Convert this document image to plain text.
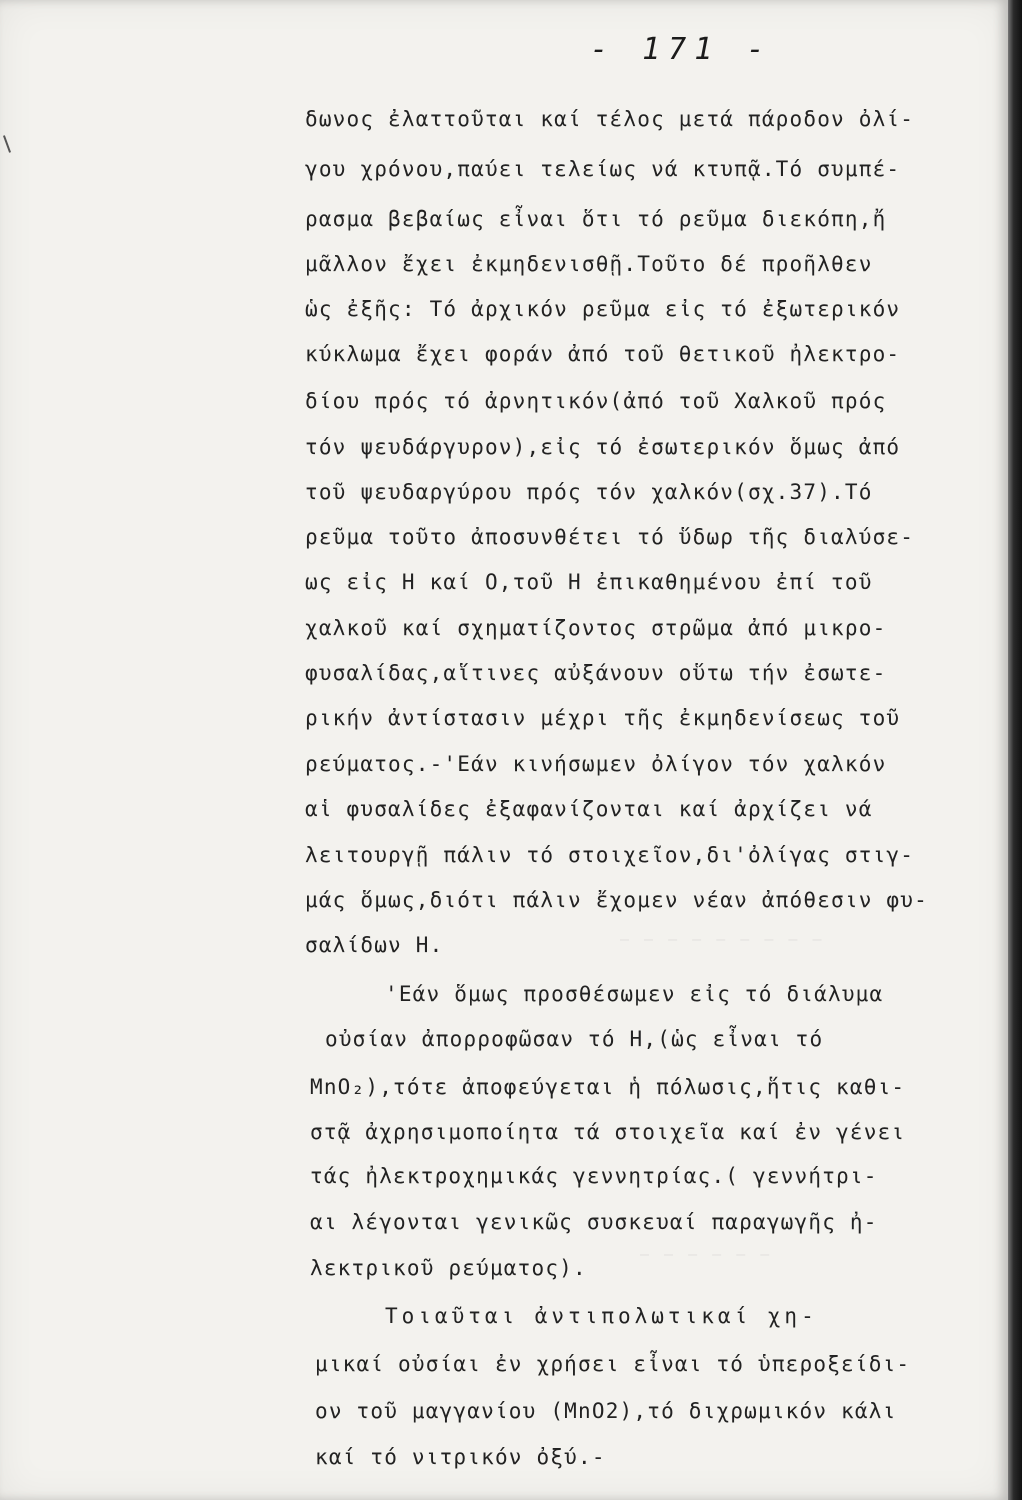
— — — — — — — — —
— — — — — —
- 171 -
δωνος ἐλαττοῦται καί τέλος μετά πάροδον ὀλί-
γου χρόνου,παύει τελείως νά κτυπᾷ.Τό συμπέ-
ρασμα βεβαίως εἶναι ὅτι τό ρεῦμα διεκόπη,ἤ
μᾶλλον ἔχει ἐκμηδενισθῇ.Τοῦτο δέ προῆλθεν
ὡς ἐξῆς: Τό ἀρχικόν ρεῦμα εἰς τό ἐξωτερικόν
κύκλωμα ἔχει φοράν ἀπό τοῦ θετικοῦ ἠλεκτρο-
δίου πρός τό ἀρνητικόν(ἀπό τοῦ Χαλκοῦ πρός
τόν ψευδάργυρον),εἰς τό ἐσωτερικόν ὅμως ἀπό
τοῦ ψευδαργύρου πρός τόν χαλκόν(σχ.37).Τό
ρεῦμα τοῦτο ἀποσυνθέτει τό ὕδωρ τῆς διαλύσε-
ως εἰς Η καί Ο,τοῦ Η ἐπικαθημένου ἐπί τοῦ
χαλκοῦ καί σχηματίζοντος στρῶμα ἀπό μικρο-
φυσαλίδας,αἵτινες αὐξάνουν οὕτω τήν ἐσωτε-
ρικήν ἀντίστασιν μέχρι τῆς ἐκμηδενίσεως τοῦ
ρεύματος.-'Εάν κινήσωμεν ὀλίγον τόν χαλκόν
αἱ φυσαλίδες ἐξαφανίζονται καί ἀρχίζει νά
λειτουργῇ πάλιν τό στοιχεῖον,δι'ὀλίγας στιγ-
μάς ὅμως,διότι πάλιν ἔχομεν νέαν ἀπόθεσιν φυ-
σαλίδων Η.
'Εάν ὅμως προσθέσωμεν εἰς τό διάλυμα
οὐσίαν ἀπορροφῶσαν τό Η,(ὡς εἶναι τό
MnO₂),τότε ἀποφεύγεται ἡ πόλωσις,ἥτις καθι-
στᾷ ἀχρησιμοποίητα τά στοιχεῖα καί ἐν γένει
τάς ἠλεκτροχημικάς γεννητρίας.( γεννήτρι-
αι λέγονται γενικῶς συσκευαί παραγωγῆς ἠ-
λεκτρικοῦ ρεύματος).
Τοιαῦται ἀντιπολωτικαί χη-
μικαί οὐσίαι ἐν χρήσει εἶναι τό ὑπεροξείδι-
ον τοῦ μαγγανίου (MnO2),τό διχρωμικόν κάλι
καί τό νιτρικόν ὀξύ.-
